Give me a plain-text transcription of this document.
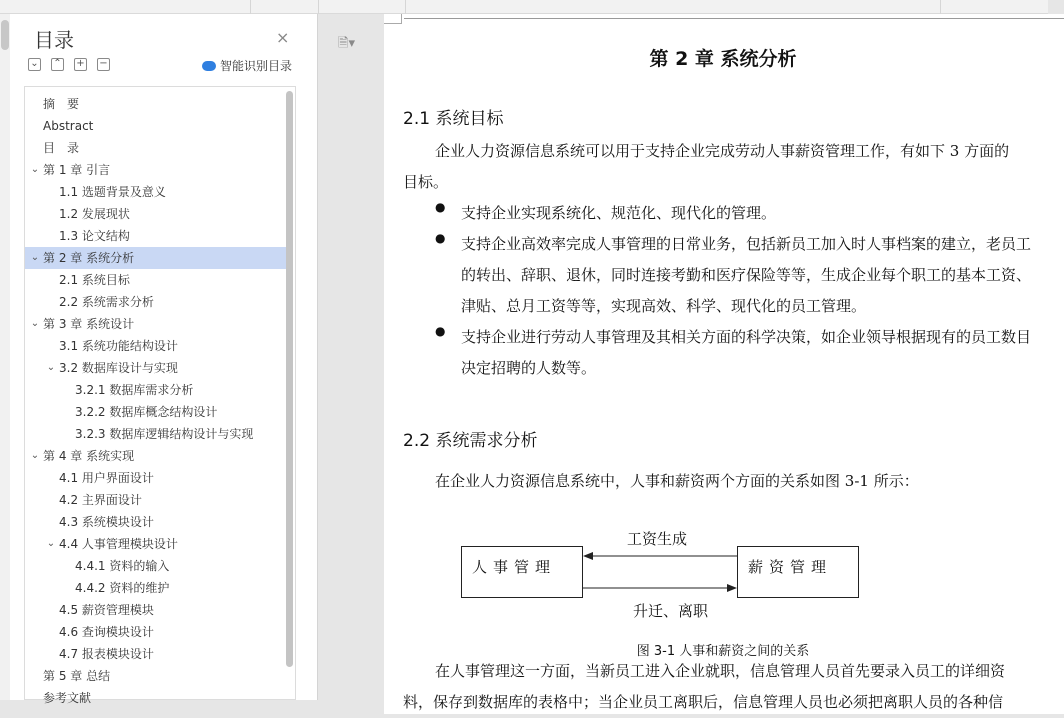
目录	×
⌄ ⌃ + −	智能识别目录
摘　要
Abstract
目　录
⌄ 第 1 章 引言
1.1 选题背景及意义
1.2 发展现状
1.3 论文结构
⌄ 第 2 章 系统分析
2.1 系统目标
2.2 系统需求分析
⌄ 第 3 章 系统设计
3.1 系统功能结构设计
⌄ 3.2 数据库设计与实现
3.2.1 数据库需求分析
3.2.2 数据库概念结构设计
3.2.3 数据库逻辑结构设计与实现
⌄ 第 4 章 系统实现
4.1 用户界面设计
4.2 主界面设计
4.3 系统模块设计
⌄ 4.4 人事管理模块设计
4.4.1 资料的输入
4.4.2 资料的维护
4.5 薪资管理模块
4.6 查询模块设计
4.7 报表模块设计
第 5 章 总结
参考文献
🗎▾
第 2 章 系统分析
2.1 系统目标
企业人力资源信息系统可以用于支持企业完成劳动人事薪资管理工作，有如下 3 方面的
目标。
● 支持企业实现系统化、规范化、现代化的管理。
● 支持企业高效率完成人事管理的日常业务，包括新员工加入时人事档案的建立，老员工的转出、辞职、退休，同时连接考勤和医疗保险等等，生成企业每个职工的基本工资、津贴、总月工资等等，实现高效、科学、现代化的员工管理。
● 支持企业进行劳动人事管理及其相关方面的科学决策，如企业领导根据现有的员工数目决定招聘的人数等。
2.2 系统需求分析
在企业人力资源信息系统中，人事和薪资两个方面的关系如图 3-1 所示：
人事管理	薪资管理
工资生成
升迁、离职
图 3-1 人事和薪资之间的关系
在人事管理这一方面，当新员工进入企业就职，信息管理人员首先要录入员工的详细资
料，保存到数据库的表格中；当企业员工离职后，信息管理人员也必须把离职人员的各种信
